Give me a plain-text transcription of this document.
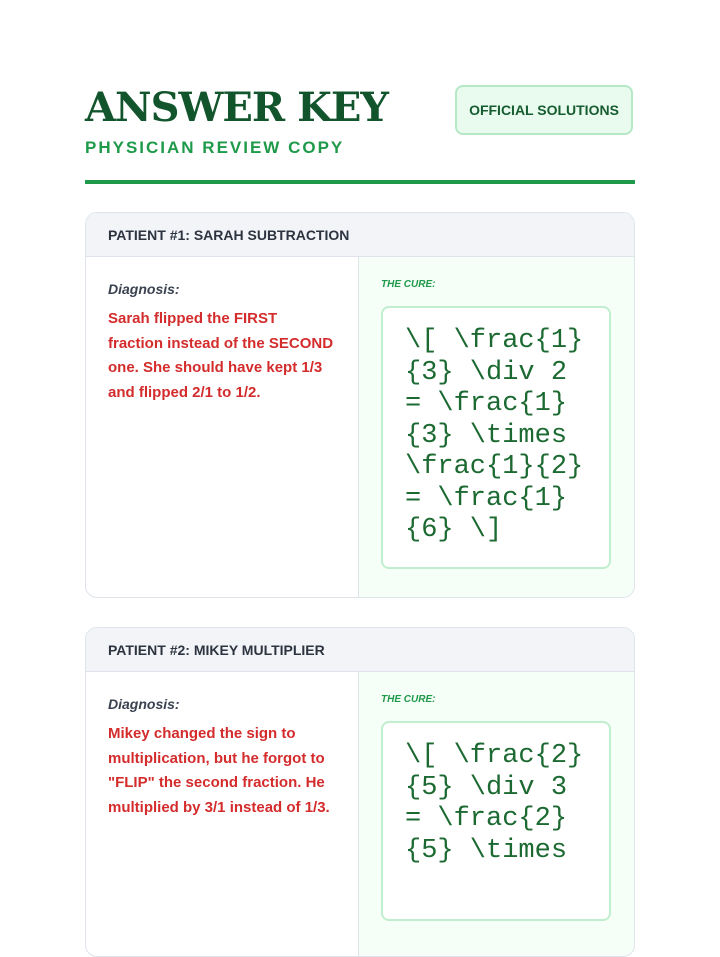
ANSWER KEY
PHYSICIAN REVIEW COPY
OFFICIAL SOLUTIONS
PATIENT #1: SARAH SUBTRACTION
Diagnosis:
Sarah flipped the FIRST fraction instead of the SECOND one. She should have kept 1/3 and flipped 2/1 to 1/2.
THE CURE:
\[ \frac{1}{3} \div 2 = \frac{1}{3} \times \frac{1}{2} = \frac{1}{6} \]
PATIENT #2: MIKEY MULTIPLIER
Diagnosis:
Mikey changed the sign to multiplication, but he forgot to "FLIP" the second fraction. He multiplied by 3/1 instead of 1/3.
THE CURE:
\[ \frac{2}{5} \div 3 = \frac{2}{5} \times
